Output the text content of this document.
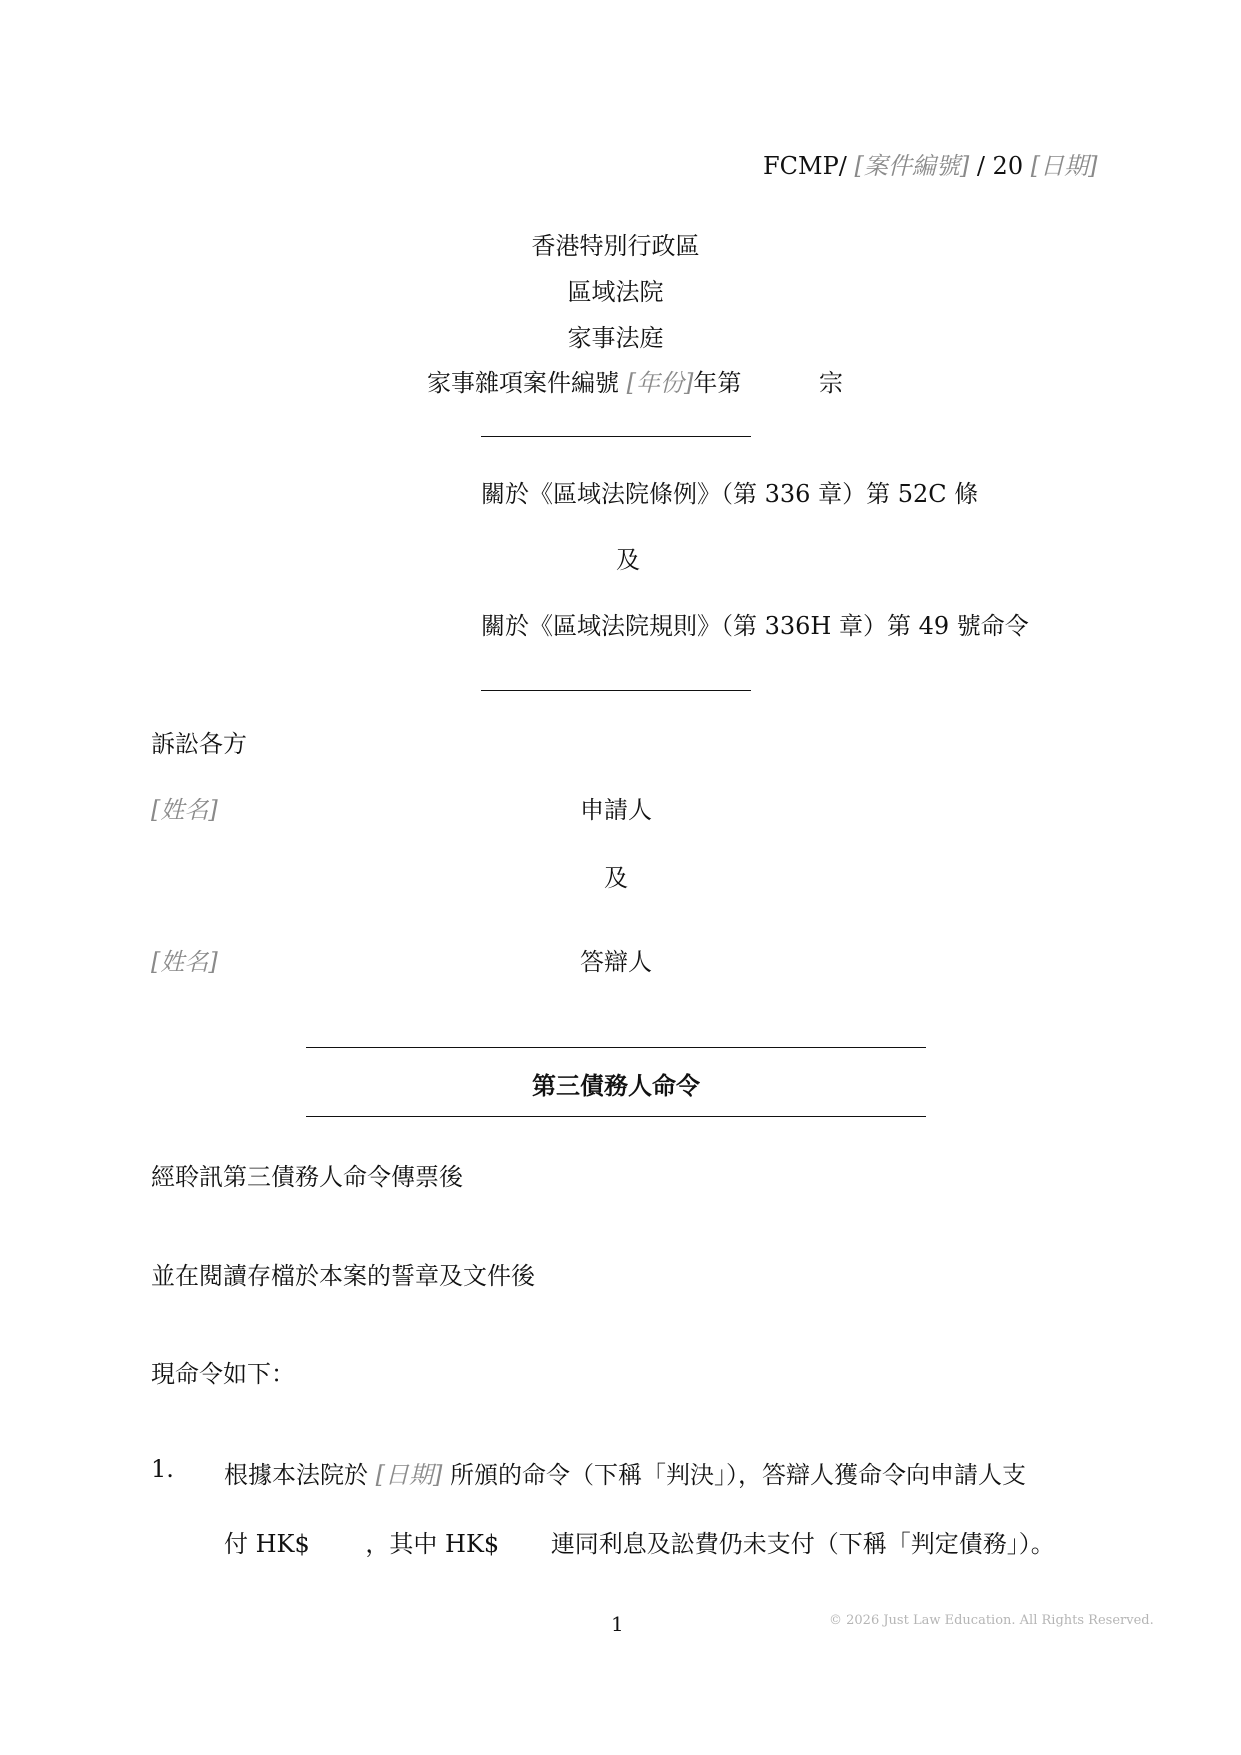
FCMP/ [案件編號] / 20 [日期]
香港特別行政區
區域法院
家事法庭
家事雜項案件編號 [年份]年第	宗
關於《區域法院條例》（第 336 章）第 52C 條
及
關於《區域法院規則》（第 336H 章）第 49 號命令
訴訟各方
[姓名]	申請人
及
[姓名]	答辯人
第三債務人命令
經聆訊第三債務人命令傳票後
並在閱讀存檔於本案的誓章及文件後
現命令如下：
1. 根據本法院於 [日期] 所頒的命令（下稱「判決」），答辯人獲命令向申請人支
付 HK$ ，其中 HK$ 連同利息及訟費仍未支付（下稱「判定債務」）。
1	© 2026 Just Law Education. All Rights Reserved.
